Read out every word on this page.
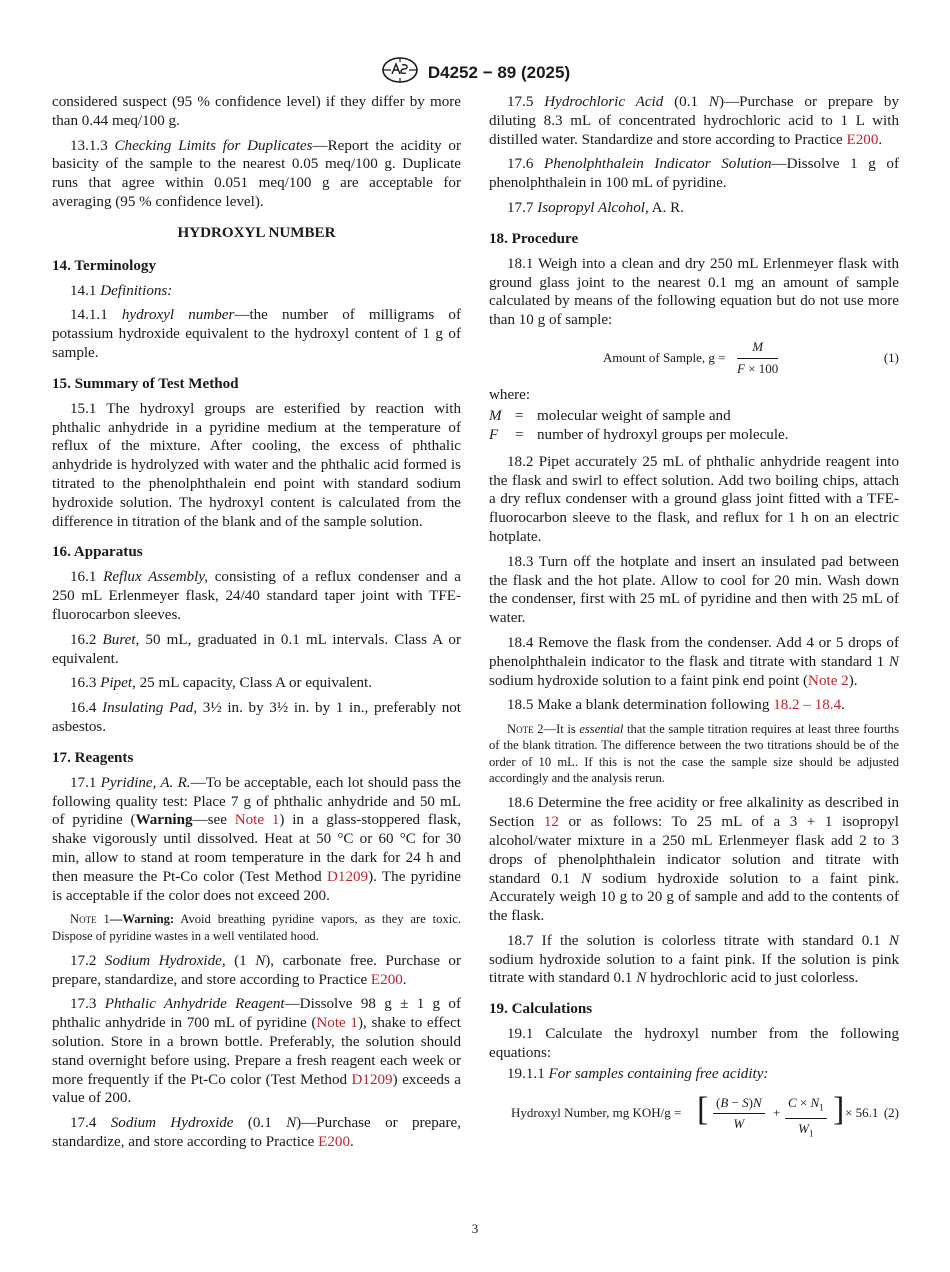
D4252 − 89 (2025)

considered suspect (95 % confidence level) if they differ by more than 0.44 meq/100 g.

13.1.3 Checking Limits for Duplicates—Report the acidity or basicity of the sample to the nearest 0.05 meq/100 g. Duplicate runs that agree within 0.051 meq/100 g are acceptable for averaging (95 % confidence level).

HYDROXYL NUMBER
14. Terminology

14.1 Definitions:

14.1.1 hydroxyl number—the number of milligrams of potassium hydroxide equivalent to the hydroxyl content of 1 g of sample.

15. Summary of Test Method

15.1 The hydroxyl groups are esterified by reaction with phthalic anhydride in a pyridine medium at the temperature of reflux of the mixture. After cooling, the excess of phthalic anhydride is hydrolyzed with water and the phthalic acid formed is titrated to the phenolphthalein end point with standard sodium hydroxide solution. The hydroxyl content is calculated from the difference in titration of the blank and of the sample solution.

16. Apparatus

16.1 Reflux Assembly, consisting of a reflux condenser and a 250 mL Erlenmeyer flask, 24/40 standard taper joint with TFE-fluorocarbon sleeves.

16.2 Buret, 50 mL, graduated in 0.1 mL intervals. Class A or equivalent.

16.3 Pipet, 25 mL capacity, Class A or equivalent.

16.4 Insulating Pad, 3½ in. by 3½ in. by 1 in., preferably not asbestos.

17. Reagents

17.1 Pyridine, A. R.—To be acceptable, each lot should pass the following quality test: Place 7 g of phthalic anhydride and 50 mL of pyridine (Warning—see Note 1) in a glass-stoppered flask, shake vigorously until dissolved. Heat at 50 °C or 60 °C for 30 min, allow to stand at room temperature in the dark for 24 h and then measure the Pt-Co color (Test Method D1209). The pyridine is acceptable if the color does not exceed 200.

Note 1—Warning: Avoid breathing pyridine vapors, as they are toxic. Dispose of pyridine wastes in a well ventilated hood.

17.2 Sodium Hydroxide, (1 N), carbonate free. Purchase or prepare, standardize, and store according to Practice E200.

17.3 Phthalic Anhydride Reagent—Dissolve 98 g ± 1 g of phthalic anhydride in 700 mL of pyridine (Note 1), shake to effect solution. Store in a brown bottle. Preferably, the solution should stand overnight before using. Prepare a fresh reagent each week or more frequently if the Pt-Co color (Test Method D1209) exceeds a value of 200.

17.4 Sodium Hydroxide (0.1 N)—Purchase or prepare, standardize, and store according to Practice E200.

17.5 Hydrochloric Acid (0.1 N)—Purchase or prepare by diluting 8.3 mL of concentrated hydrochloric acid to 1 L with distilled water. Standardize and store according to Practice E200.

17.6 Phenolphthalein Indicator Solution—Dissolve 1 g of phenolphthalein in 100 mL of pyridine.

17.7 Isopropyl Alcohol, A. R.

18. Procedure

18.1 Weigh into a clean and dry 250 mL Erlenmeyer flask with ground glass joint to the nearest 0.1 mg an amount of sample calculated by means of the following equation but do not use more than 10 g of sample:

Amount of Sample, $g = \frac{M}{F \times 100}$	(1)
where:
M = molecular weight of sample and
F	= number of hydroxyl groups per molecule.

18.2 Pipet accurately 25 mL of phthalic anhydride reagent into the flask and swirl to effect solution. Add two boiling chips, attach a dry reflux condenser with a ground glass joint fitted with a TFE-fluorocarbon sleeve to the flask, and reflux for 1 h on an electric hotplate.

18.3 Turn off the hotplate and insert an insulated pad between the flask and the hot plate. Allow to cool for 20 min. Wash down the condenser, first with 25 mL of pyridine and then with 25 mL of water.

18.4 Remove the flask from the condenser. Add 4 or 5 drops of phenolphthalein indicator to the flask and titrate with standard 1 N sodium hydroxide solution to a faint pink end point (Note 2).

18.5 Make a blank determination following 18.2 – 18.4.

Note 2—It is essential that the sample titration requires at least three fourths of the blank titration. The difference between the two titrations should be of the order of 10 mL. If this is not the case the sample size should be adjusted accordingly and the analysis rerun.

18.6 Determine the free acidity or free alkalinity as described in Section 12 or as follows: To 25 mL of a 3 + 1 isopropyl alcohol/water mixture in a 250 mL Erlenmeyer flask add 2 to 3 drops of phenolphthalein indicator solution and titrate with standard 0.1 N sodium hydroxide solution to a faint pink. Accurately weigh 10 g to 20 g of sample and add to the contents of the flask.

18.7 If the solution is colorless titrate with standard 0.1 N sodium hydroxide solution to a faint pink. If the solution is pink titrate with standard 0.1 N hydrochloric acid to just colorless.

19. Calculations

19.1 Calculate the hydroxyl number from the following equations:

19.1.1 For samples containing free acidity:

Hydroxyl Number, mg KOH/g = [ $\frac{(B - S)N}{W} + \frac{C \times N_1}{W_1}$ ] × 56.1 (2)
3
